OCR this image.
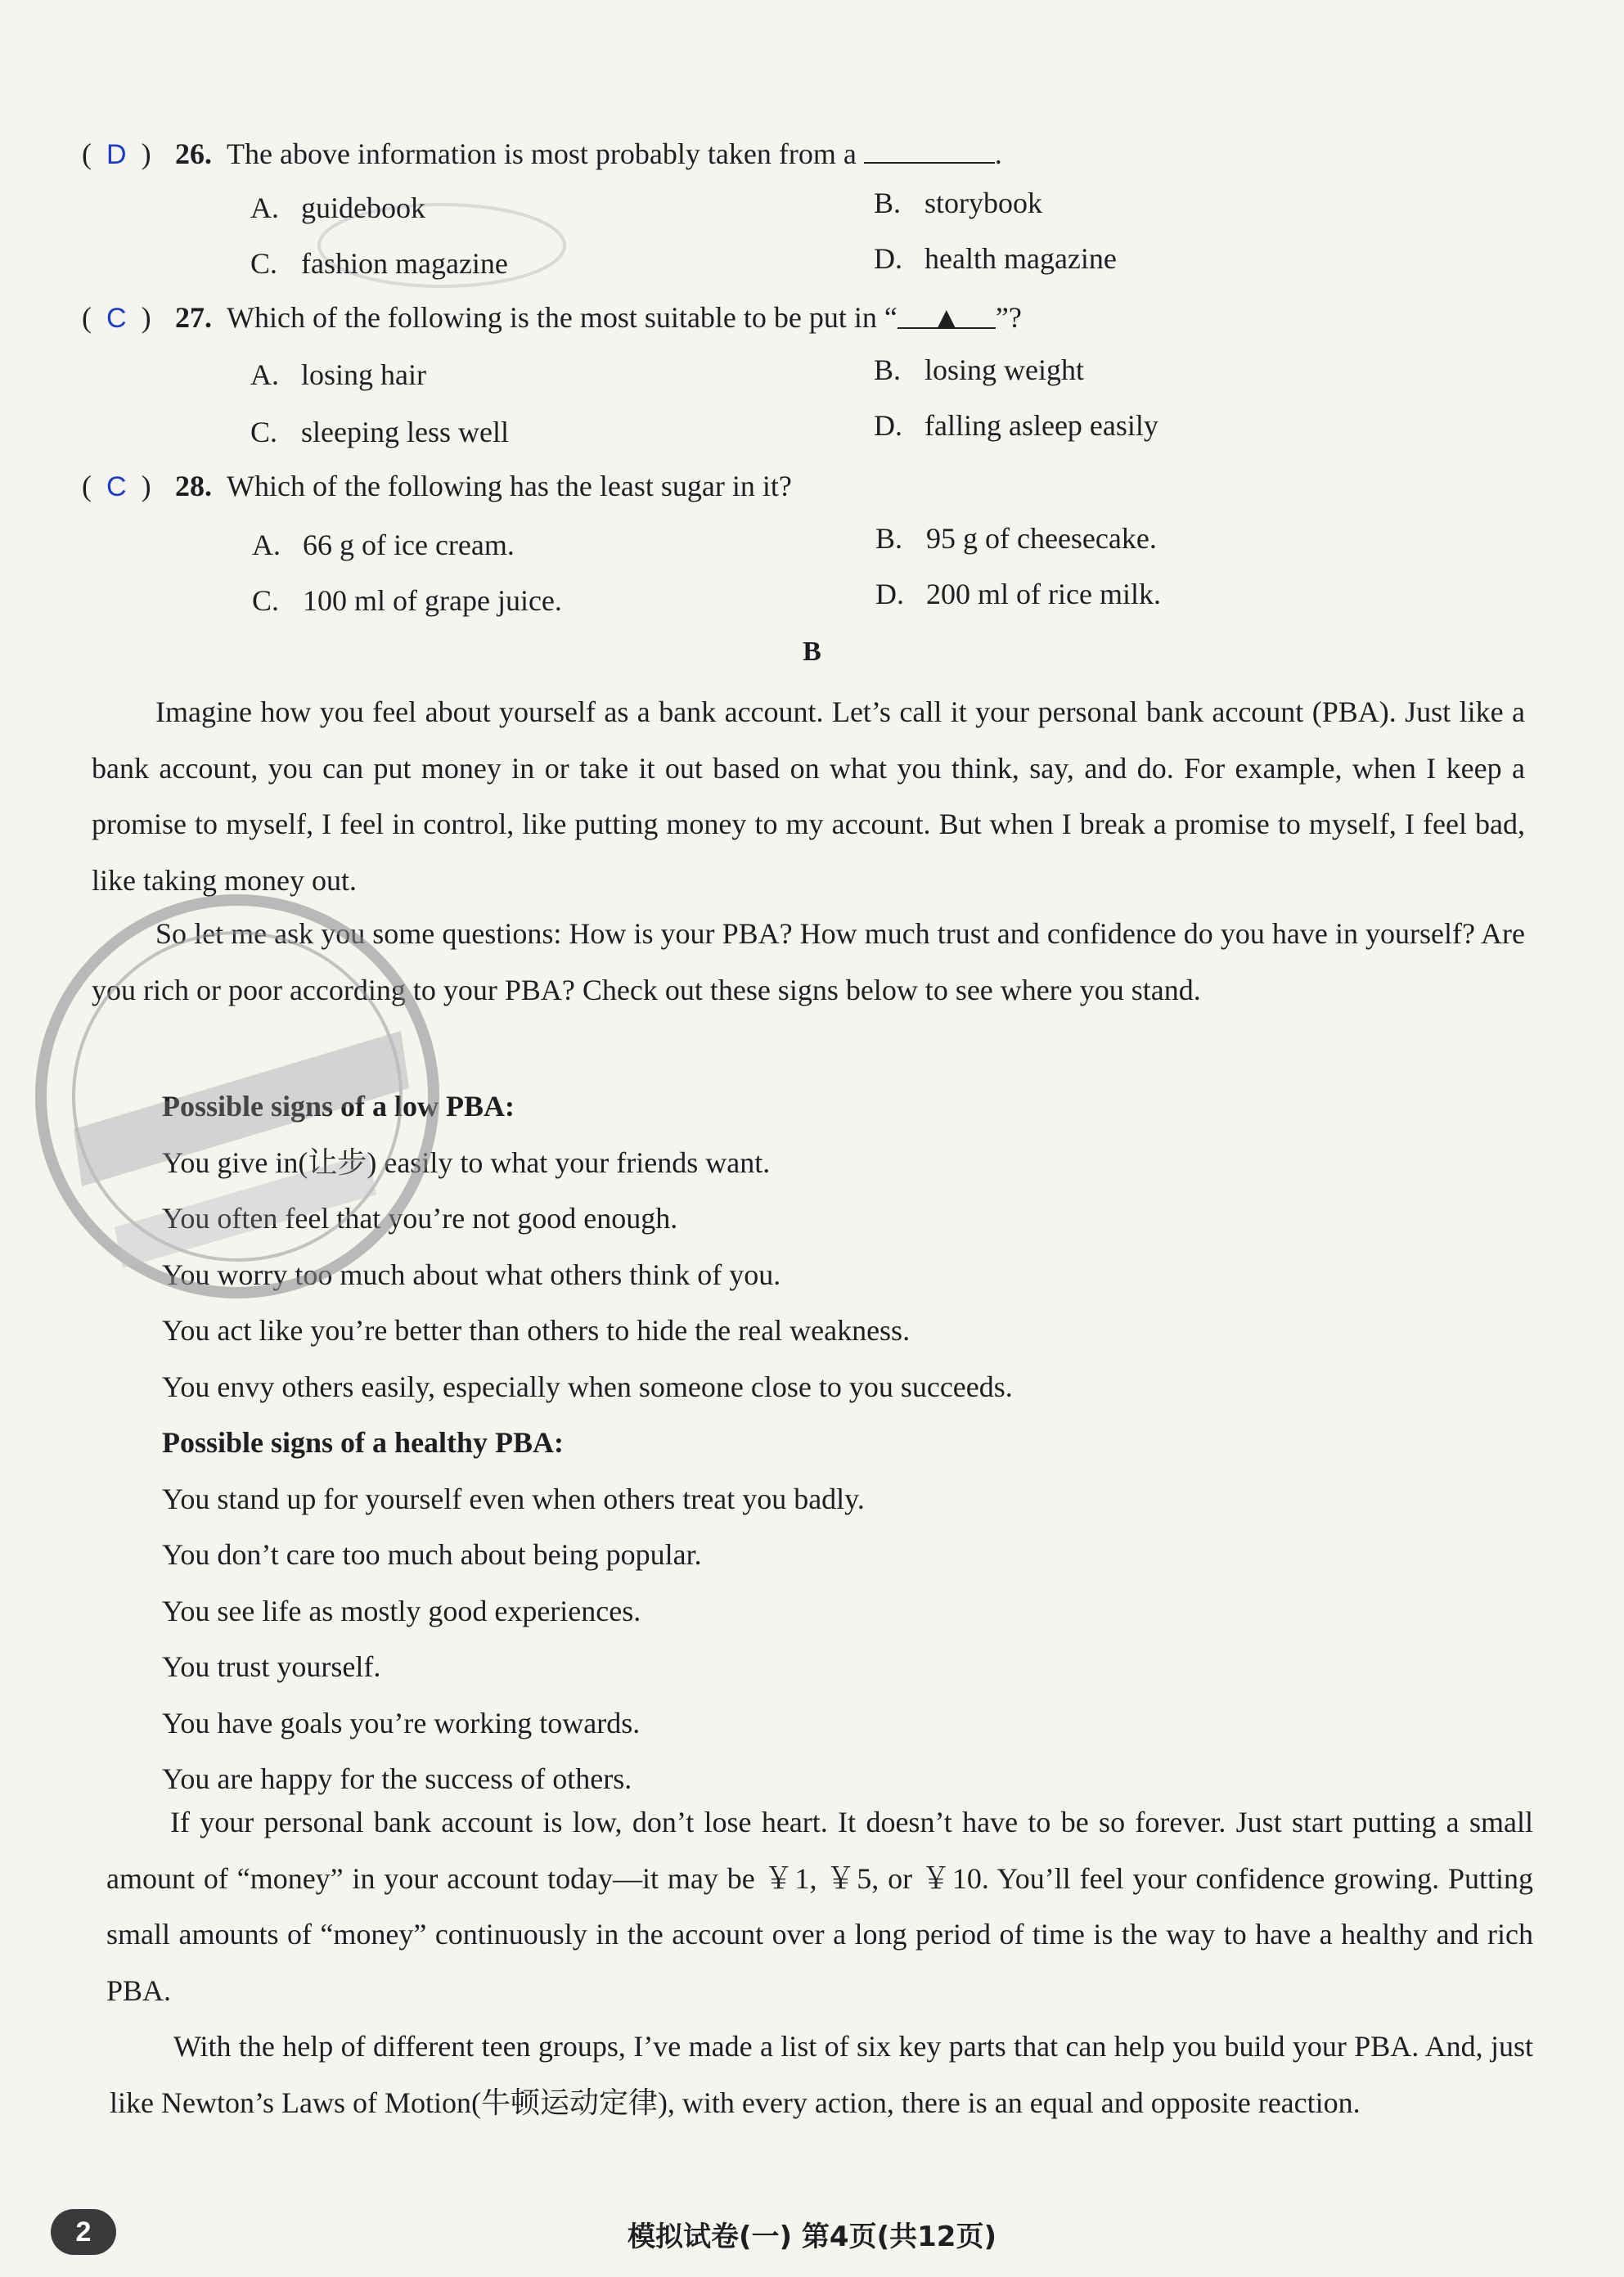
(  D  ) 26. The above information is most probably taken from a	.
A. guidebook	B. storybook
C. fashion magazine	D. health magazine
(  C  ) 27. Which of the following is the most suitable to be put in “ ▲ ”?
A. losing hair	B. losing weight
C. sleeping less well	D. falling asleep easily
(  C  ) 28. Which of the following has the least sugar in it?
A. 66 g of ice cream.	B. 95 g of cheesecake.
C. 100 ml of grape juice.	D. 200 ml of rice milk.
B
Imagine how you feel about yourself as a bank account. Let’s call it your personal bank account (PBA). Just like a bank account, you can put money in or take it out based on what you think, say, and do. For example, when I keep a promise to myself, I feel in control, like putting money to my account. But when I break a promise to myself, I feel bad, like taking money out.
So let me ask you some questions: How is your PBA? How much trust and confidence do you have in yourself? Are you rich or poor according to your PBA? Check out these signs below to see where you stand.
Possible signs of a low PBA:
You give in(让步) easily to what your friends want.
You often feel that you’re not good enough.
You worry too much about what others think of you.
You act like you’re better than others to hide the real weakness.
You envy others easily, especially when someone close to you succeeds.
Possible signs of a healthy PBA:
You stand up for yourself even when others treat you badly.
You don’t care too much about being popular.
You see life as mostly good experiences.
You trust yourself.
You have goals you’re working towards.
You are happy for the success of others.
If your personal bank account is low, don’t lose heart. It doesn’t have to be so forever. Just start putting a small amount of “money” in your account today—it may be ￥1, ￥5, or ￥10. You’ll feel your confidence growing. Putting small amounts of “money” continuously in the account over a long period of time is the way to have a healthy and rich PBA.
With the help of different teen groups, I’ve made a list of six key parts that can help you build your PBA. And, just like Newton’s Laws of Motion(牛顿运动定律), with every action, there is an equal and opposite reaction.
2	模拟试卷(一) 第4页(共12页)
